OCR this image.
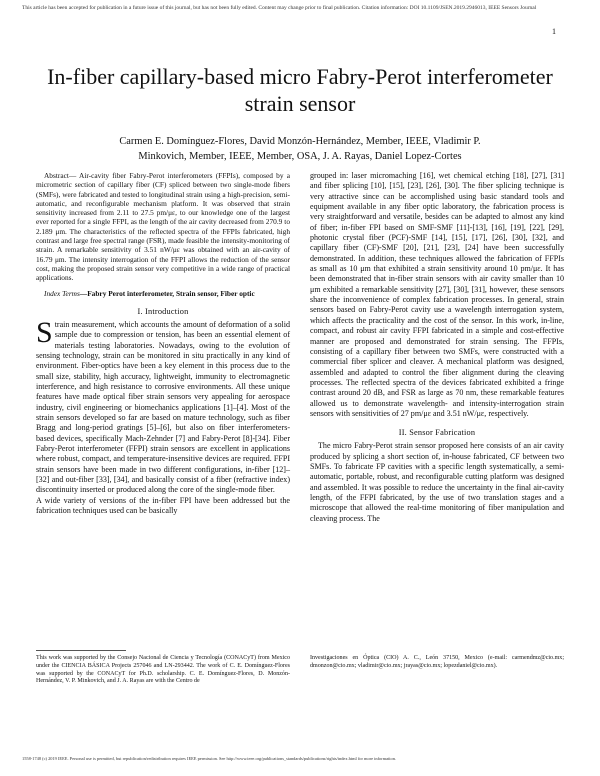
This article has been accepted for publication in a future issue of this journal, but has not been fully edited. Content may change prior to final publication. Citation information: DOI 10.1109/JSEN.2019.2946013, IEEE Sensors Journal
1
In-fiber capillary-based micro Fabry-Perot interferometer strain sensor
Carmen E. Domínguez-Flores, David Monzón-Hernández, Member, IEEE, Vladimir P.
Minkovich, Member, IEEE, Member, OSA, J. A. Rayas, Daniel Lopez-Cortes

Abstract— Air-cavity fiber Fabry-Perot interferometers (FFPIs), composed by a micrometric section of capillary fiber (CF) spliced between two single-mode fibers (SMFs), were fabricated and tested to longitudinal strain using a high-precision, semi-automatic, and reconfigurable mechanism platform. It was observed that strain sensitivity increased from 2.11 to 27.5 pm/με, to our knowledge one of the largest ever reported for a single FFPI, as the length of the air cavity decreased from 270.9 to 2.189 μm. The characteristics of the reflected spectra of the FFPIs fabricated, high contrast and large free spectral range (FSR), made feasible the intensity-monitoring of strain. A remarkable sensitivity of 3.51 nW/με was obtained with an air-cavity of 16.79 μm. The intensity interrogation of the FFPI allows the reduction of the sensor cost, making the proposed strain sensor very competitive in a wide range of practical applications.

Index Terms—Fabry Perot interferometer, Strain sensor, Fiber optic

I. Introduction

Strain measurement, which accounts the amount of deformation of a solid sample due to compression or tension, has been an essential element of materials testing laboratories. Nowadays, owing to the evolution of sensing technology, strain can be monitored in situ practically in any kind of environment. Fiber-optics have been a key element in this process due to the small size, stability, high accuracy, lightweight, immunity to electromagnetic interference, and high resistance to corrosive environments. All these unique features have made optical fiber strain sensors very appealing for aerospace industry, civil engineering or biomechanics applications [1]–[4]. Most of the strain sensors developed so far are based on mature technology, such as fiber Bragg and long-period gratings [5]–[6], but also on fiber interferometers-based devices, specifically Mach-Zehnder [7] and Fabry-Perot [8]-[34]. Fiber Fabry-Perot interferometer (FFPI) strain sensors are excellent in applications where robust, compact, and temperature-insensitive devices are required. FFPI strain sensors have been made in two different configurations, in-fiber [12]–[32] and out-fiber [33], [34], and basically consist of a fiber (refractive index) discontinuity inserted or produced along the core of the single-mode fiber.

A wide variety of versions of the in-fiber FPI have been addressed but the fabrication techniques used can be basically

grouped in: laser micromaching [16], wet chemical etching [18], [27], [31] and fiber splicing [10], [15], [23], [26], [30]. The fiber splicing technique is very attractive since can be accomplished using basic standard tools and equipment available in any fiber optic laboratory, the fabrication process is very straightforward and versatile, besides can be adapted to almost any kind of fiber; in-fiber FPI based on SMF-SMF [11]-[13], [16], [19], [22], [29], photonic crystal fiber (PCF)-SMF [14], [15], [17], [26], [30], [32], and capillary fiber (CF)-SMF [20], [21], [23], [24] have been successfully demonstrated. In addition, these techniques allowed the fabrication of FFPIs as small as 10 μm that exhibited a strain sensitivity around 10 pm/με. It has been demonstrated that in-fiber strain sensors with air cavity smaller than 10 μm exhibited a remarkable sensitivity [27], [30], [31], however, these sensors share the inconvenience of complex fabrication processes. In general, strain sensors based on Fabry-Perot cavity use a wavelength interrogation system, which affects the practicality and the cost of the sensor. In this work, in-line, compact, and robust air cavity FFPI fabricated in a simple and cost-effective manner are proposed and demonstrated for strain sensing. The FFPIs, consisting of a capillary fiber between two SMFs, were constructed with a commercial fiber splicer and cleaver. A mechanical platform was designed, assembled and adapted to control the fiber alignment during the cleaving processes. The reflected spectra of the devices fabricated exhibited a fringe contrast around 20 dB, and FSR as large as 70 nm, these remarkable features allowed us to demonstrate wavelength- and intensity-interrogation strain sensors with sensitivities of 27 pm/με and 3.51 nW/με, respectively.

II. Sensor Fabrication

The micro Fabry-Perot strain sensor proposed here consists of an air cavity produced by splicing a short section of, in-house fabricated, CF between two SMFs. To fabricate FP cavities with a specific length systematically, a semi-automatic, portable, robust, and reconfigurable cutting platform was designed and assembled. It was possible to reduce the uncertainty in the final air-cavity length, of the FFPI fabricated, by the use of two translation stages and a microscope that allowed the real-time monitoring of fiber manipulation and cleaving process. The

This work was supported by the Consejo Nacional de Ciencia y Tecnología (CONACyT) from Mexico under the CIENCIA BÁSICA Projects 257046 and LN-293442. The work of C. E. Domínguez-Flores was supported by the CONACyT for Ph.D. scholarship. C. E. Domínguez-Flores, D. Monzón-Hernández, V. P. Minkovich, and J. A. Rayas are with the Centro de
Investigaciones en Óptica (CIO) A. C., León 37150, Mexico (e-mail: carmendmz@cio.mx; dmonzon@cio.mx; vladimir@cio.mx; jrayas@cio.mx; lopezdaniel@cio.mx).
1558-1748 (c) 2019 IEEE. Personal use is permitted, but republication/redistribution requires IEEE permission. See http://www.ieee.org/publications_standards/publications/rights/index.html for more information.
